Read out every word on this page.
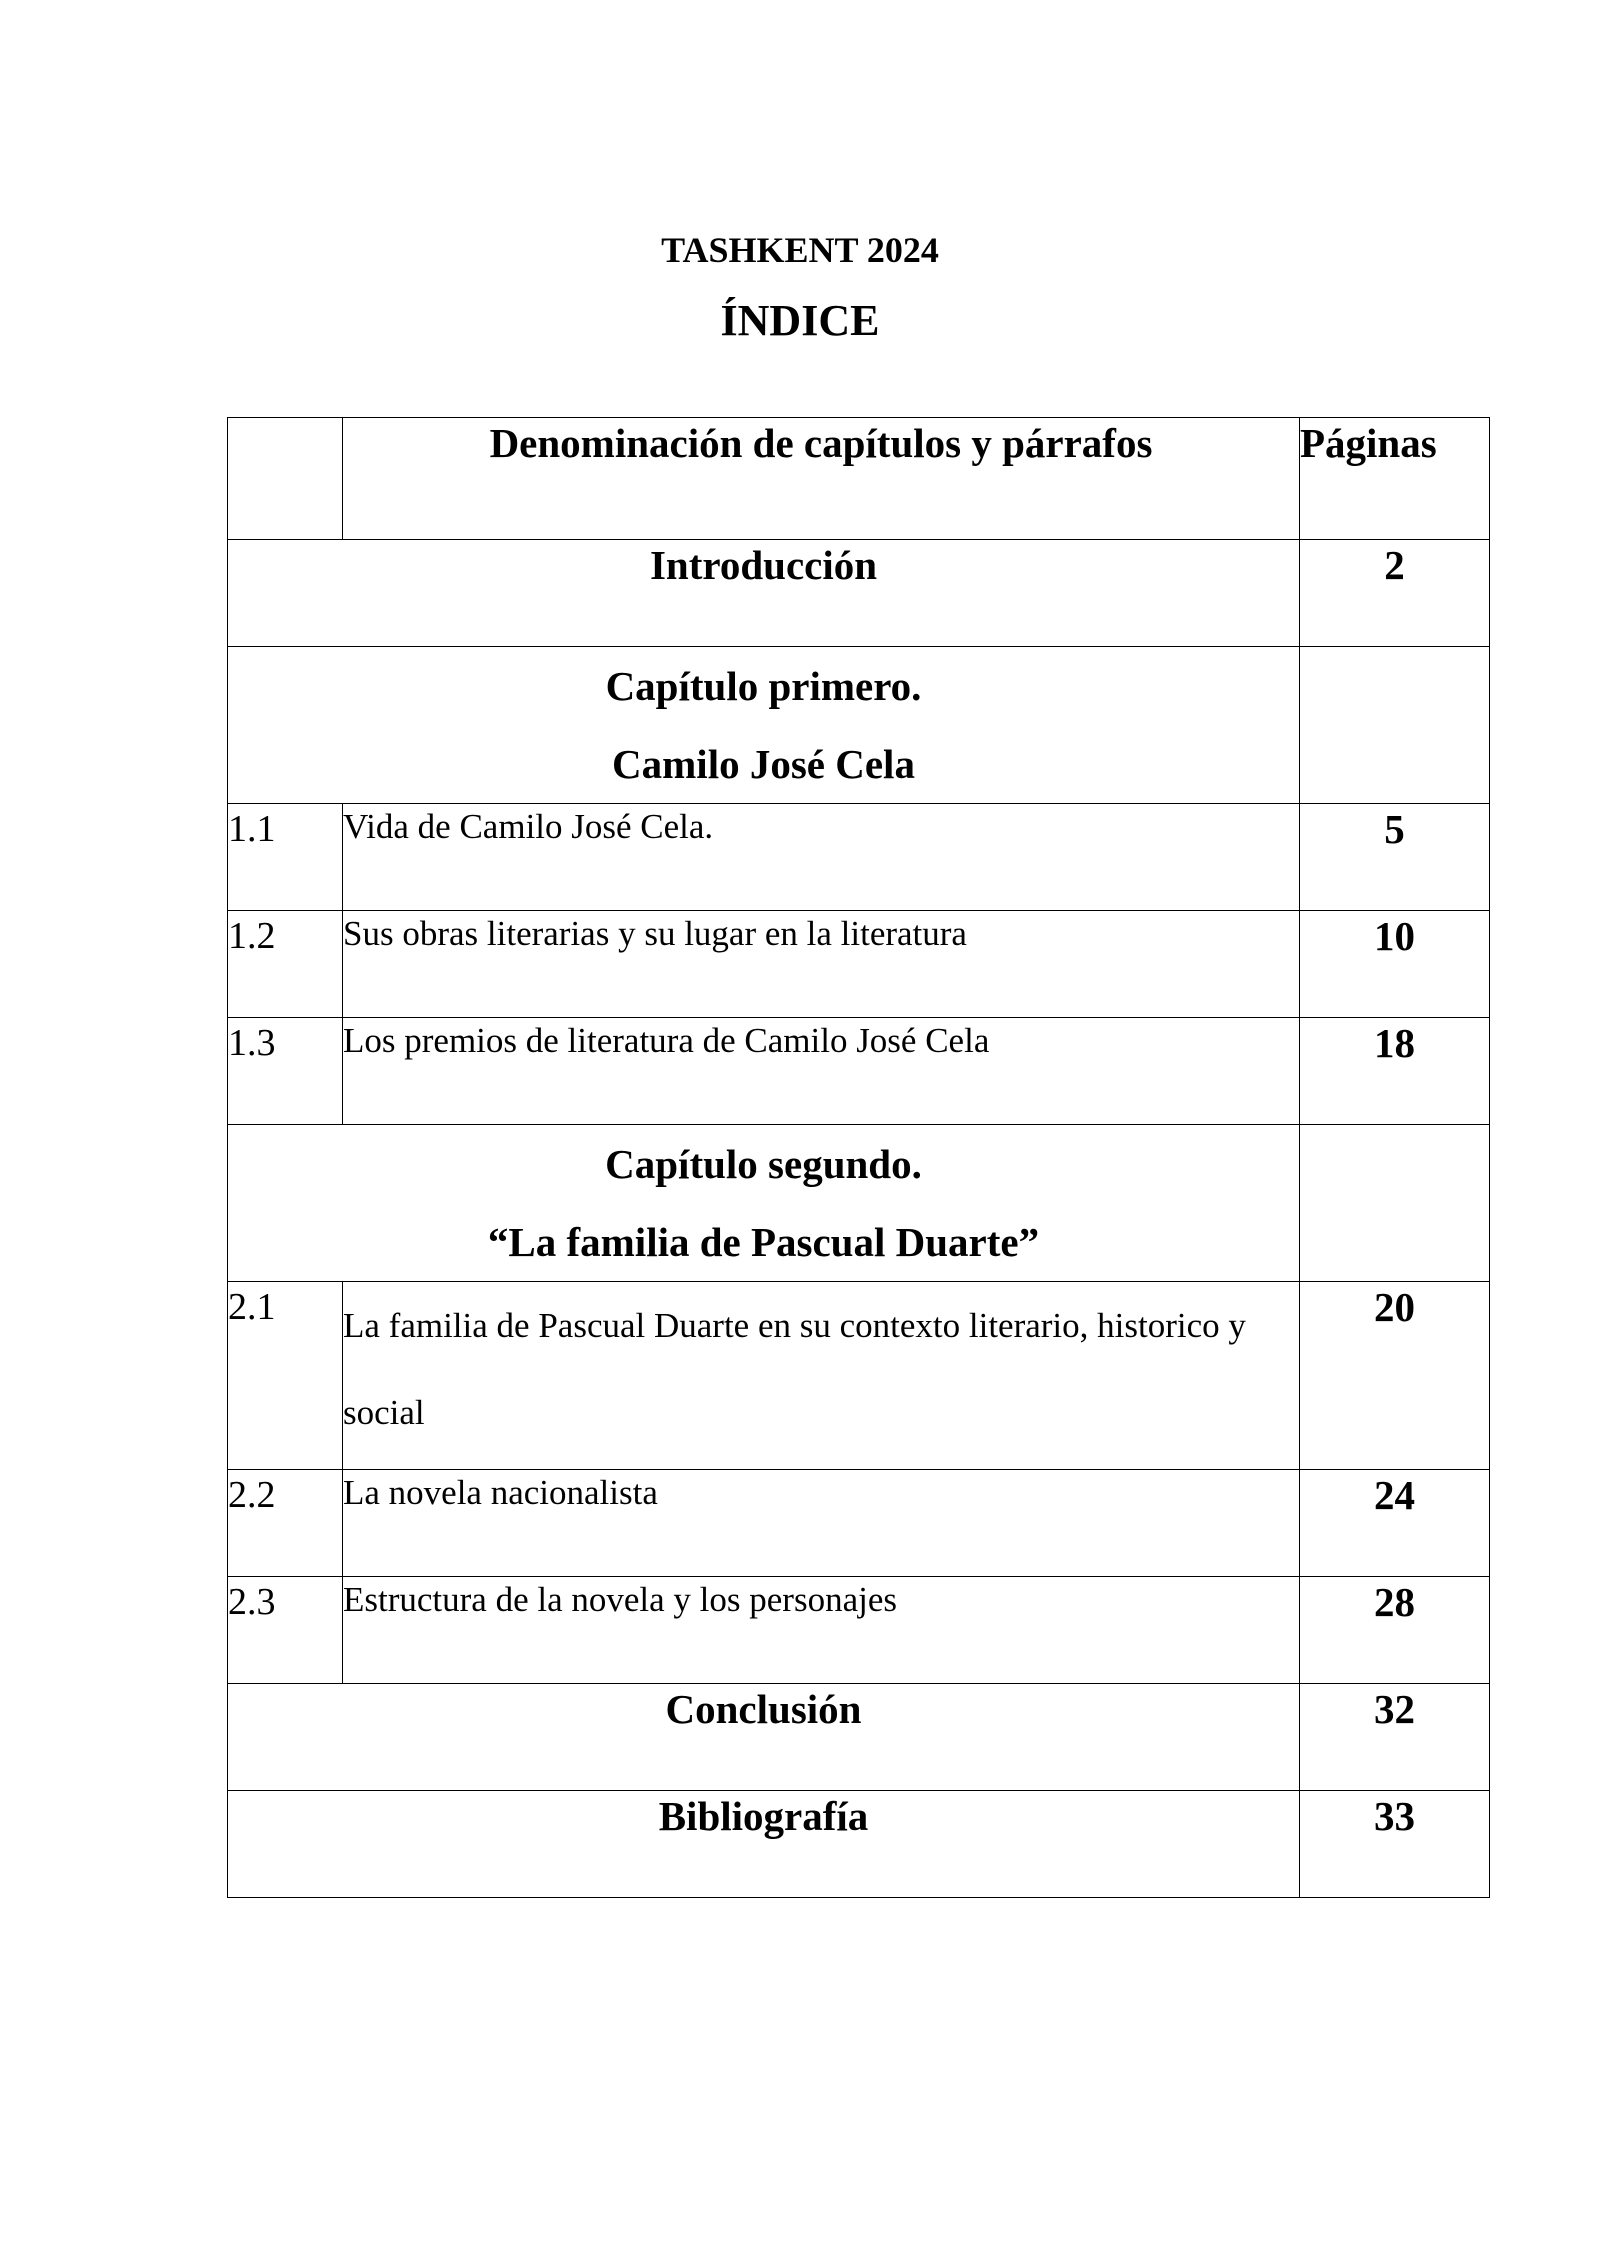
TASHKENT 2024
ÍNDICE
	Denominación de capítulos y párrafos	Páginas
Introducción		2

Capítulo primero.
Camilo José Cela		

1.1	Vida de Camilo José Cela.	5
1.2	Sus obras literarias y su lugar en la literatura	10
1.3	Los premios de literatura de Camilo José Cela	18

Capítulo segundo.
“La familia de Pascual Duarte”		

2.1	La familia de Pascual Duarte en su contexto literario, historico y social	20
2.2	La novela nacionalista	24
2.3	Estructura de la novela y los personajes	28
Conclusión		32
Bibliografía		33
